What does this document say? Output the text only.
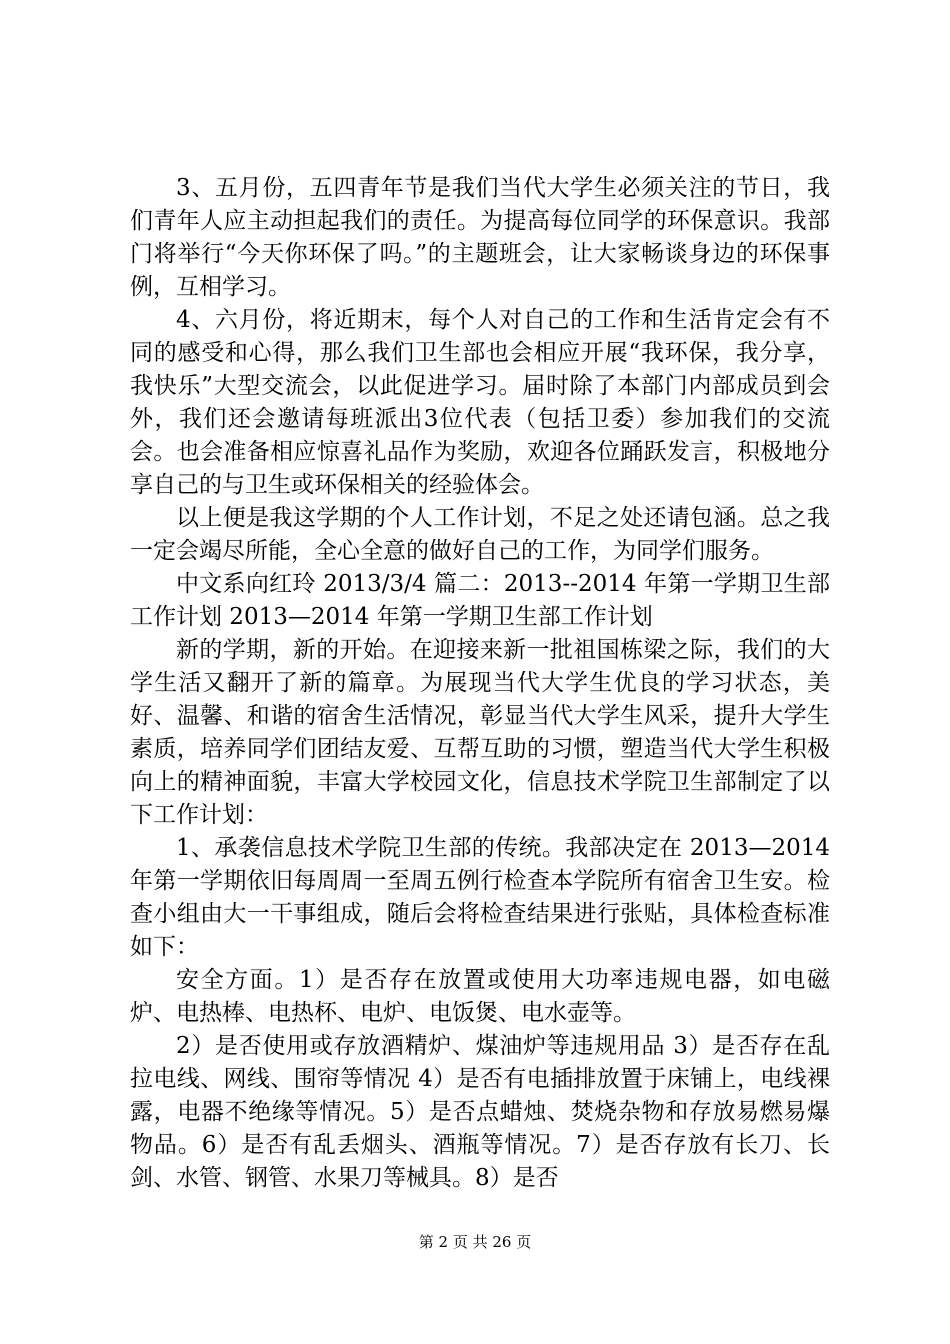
3、五月份，五四青年节是我们当代大学生必须关注的节日，我们青年人应主动担起我们的责任。为提高每位同学的环保意识。我部门将举行“今天你环保了吗。”的主题班会，让大家畅谈身边的环保事例，互相学习。

4、六月份，将近期末，每个人对自己的工作和生活肯定会有不同的感受和心得，那么我们卫生部也会相应开展“我环保，我分享，我快乐”大型交流会，以此促进学习。届时除了本部门内部成员到会外，我们还会邀请每班派出3位代表（包括卫委）参加我们的交流会。也会准备相应惊喜礼品作为奖励，欢迎各位踊跃发言，积极地分享自己的与卫生或环保相关的经验体会。

以上便是我这学期的个人工作计划，不足之处还请包涵。总之我一定会竭尽所能，全心全意的做好自己的工作，为同学们服务。

中文系向红玲 2013/3/4 篇二：2013--2014 年第一学期卫生部工作计划 2013—2014 年第一学期卫生部工作计划

新的学期，新的开始。在迎接来新一批祖国栋梁之际，我们的大学生活又翻开了新的篇章。为展现当代大学生优良的学习状态，美好、温馨、和谐的宿舍生活情况，彰显当代大学生风采，提升大学生素质，培养同学们团结友爱、互帮互助的习惯，塑造当代大学生积极向上的精神面貌，丰富大学校园文化，信息技术学院卫生部制定了以下工作计划：

1、承袭信息技术学院卫生部的传统。我部决定在 2013—2014 年第一学期依旧每周周一至周五例行检查本学院所有宿舍卫生安。检查小组由大一干事组成，随后会将检查结果进行张贴，具体检查标准如下：

安全方面。1）是否存在放置或使用大功率违规电器，如电磁炉、电热棒、电热杯、电炉、电饭煲、电水壶等。

2）是否使用或存放酒精炉、煤油炉等违规用品 3）是否存在乱拉电线、网线、围帘等情况 4）是否有电插排放置于床铺上，电线裸露，电器不绝缘等情况。5）是否点蜡烛、焚烧杂物和存放易燃易爆物品。6）是否有乱丢烟头、酒瓶等情况。7）是否存放有长刀、长剑、水管、钢管、水果刀等械具。8）是否

第 2 页 共 26 页
